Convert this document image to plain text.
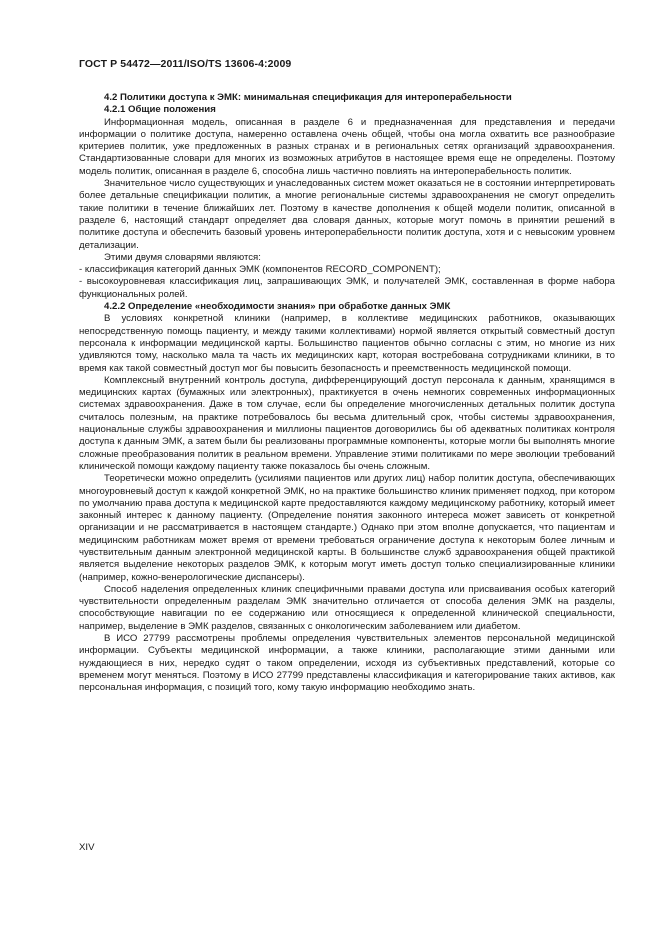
ГОСТ Р 54472—2011/ISO/TS 13606-4:2009

4.2 Политики доступа к ЭМК: минимальная спецификация для интероперабельности

4.2.1 Общие положения

Информационная модель, описанная в разделе 6 и предназначенная для представления и передачи информации о политике доступа, намеренно оставлена очень общей, чтобы она могла охватить все разнообразие критериев политик, уже предложенных в разных странах и в региональных сетях организаций здравоохранения. Стандартизованные словари для многих из возможных атрибутов в настоящее время еще не определены. Поэтому модель политик, описанная в разделе 6, способна лишь частично повлиять на интероперабельность политик.

Значительное число существующих и унаследованных систем может оказаться не в состоянии интерпретировать более детальные спецификации политик, а многие региональные системы здравоохранения не смогут определить такие политики в течение ближайших лет. Поэтому в качестве дополнения к общей модели политик, описанной в разделе 6, настоящий стандарт определяет два словаря данных, которые могут помочь в принятии решений в политике доступа и обеспечить базовый уровень интероперабельности политик доступа, хотя и с невысоким уровнем детализации.

Этими двумя словарями являются:

- классификация категорий данных ЭМК (компонентов RECORD_COMPONENT);

- высокоуровневая классификация лиц, запрашивающих ЭМК, и получателей ЭМК, составленная в форме набора функциональных ролей.

4.2.2 Определение «необходимости знания» при обработке данных ЭМК

В условиях конкретной клиники (например, в коллективе медицинских работников, оказывающих непосредственную помощь пациенту, и между такими коллективами) нормой является открытый совместный доступ персонала к информации медицинской карты. Большинство пациентов обычно согласны с этим, но многие из них удивляются тому, насколько мала та часть их медицинских карт, которая востребована сотрудниками клиники, в то время как такой совместный доступ мог бы повысить безопасность и преемственность медицинской помощи.

Комплексный внутренний контроль доступа, дифференцирующий доступ персонала к данным, хранящимся в медицинских картах (бумажных или электронных), практикуется в очень немногих современных информационных системах здравоохранения. Даже в том случае, если бы определение многочисленных детальных политик доступа считалось полезным, на практике потребовалось бы весьма длительный срок, чтобы системы здравоохранения, национальные службы здравоохранения и миллионы пациентов договорились бы об адекватных политиках контроля доступа к данным ЭМК, а затем были бы реализованы программные компоненты, которые могли бы выполнять многие сложные преобразования политик в реальном времени. Управление этими политиками по мере эволюции требований клинической помощи каждому пациенту также показалось бы очень сложным.

Теоретически можно определить (усилиями пациентов или других лиц) набор политик доступа, обеспечивающих многоуровневый доступ к каждой конкретной ЭМК, но на практике большинство клиник применяет подход, при котором по умолчанию права доступа к медицинской карте предоставляются каждому медицинскому работнику, который имеет законный интерес к данному пациенту. (Определение понятия законного интереса может зависеть от конкретной организации и не рассматривается в настоящем стандарте.) Однако при этом вполне допускается, что пациентам и медицинским работникам может время от времени требоваться ограничение доступа к некоторым более личным и чувствительным данным электронной медицинской карты. В большинстве служб здравоохранения общей практикой является выделение некоторых разделов ЭМК, к которым могут иметь доступ только специализированные клиники (например, кожно-венерологические диспансеры).

Способ наделения определенных клиник специфичными правами доступа или присваивания особых категорий чувствительности определенным разделам ЭМК значительно отличается от способа деления ЭМК на разделы, способствующие навигации по ее содержанию или относящиеся к определенной клинической специальности, например, выделение в ЭМК разделов, связанных с онкологическим заболеванием или диабетом.

В ИСО 27799 рассмотрены проблемы определения чувствительных элементов персональной медицинской информации. Субъекты медицинской информации, а также клиники, располагающие этими данными или нуждающиеся в них, нередко судят о таком определении, исходя из субъективных представлений, которые со временем могут меняться. Поэтому в ИСО 27799 представлены классификация и категорирование таких активов, как персональная информация, с позиций того, кому такую информацию необходимо знать.

XIV
